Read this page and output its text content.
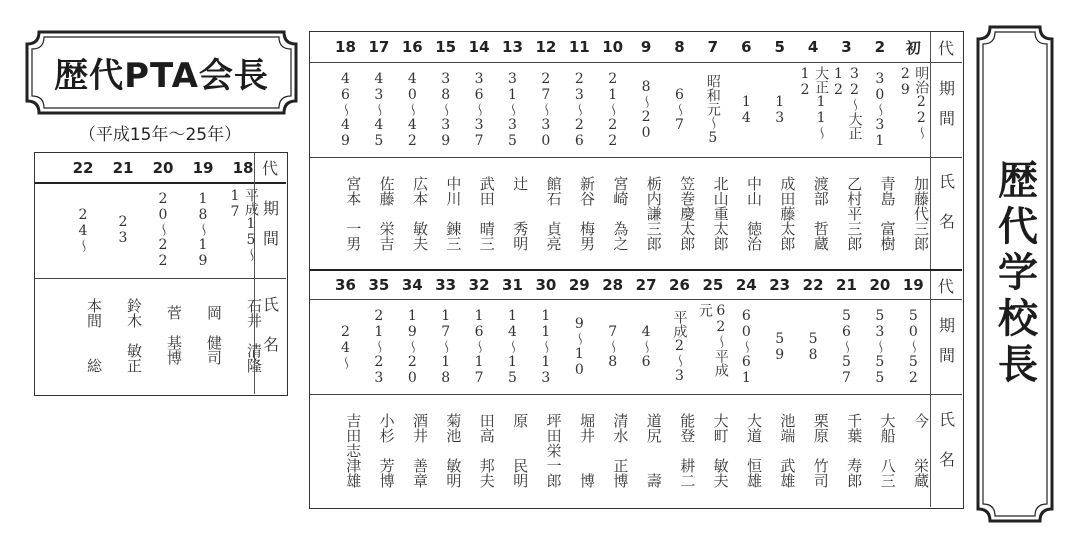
歴代PTA会長
（平成15年〜25年）
代
期間
氏名
18
平成15〜17
石井　清隆
19
18〜19
岡　健司
20
20〜22
菅　基博
21
23
鈴木　敏正
22
24〜
本間　　総
代
期間
氏名
初
明治22〜29
加藤代三郎
2
30〜31
青島　富樹
3
32〜大正12
乙村平三郎
4
大正11〜12
渡部　哲蔵
5
13
成田藤太郎
6
14
中山　徳治
7
昭和元〜5
北山重太郎
8
6〜7
笠巻慶太郎
9
8〜20
栃内謙三郎
10
21〜22
宮崎　為之
11
23〜26
新谷　梅男
12
27〜30
館石　貞亮
13
31〜35
辻　　秀明
14
36〜37
武田　晴三
15
38〜39
中川　錬三
16
40〜42
広本　敏夫
17
43〜45
佐藤　栄吉
18
46〜49
宮本　一男
代
期間
氏名
19
50〜52
今　　栄蔵
20
53〜55
大船　八三
21
56〜57
千葉　寿郎
22
58
栗原　竹司
23
59
池端　武雄
24
60〜61
大道　恒雄
25
62〜平成元
大町　敏夫
26
平成2〜3
能登　耕二
27
4〜6
道尻　　壽
28
7〜8
清水　正博
29
9〜10
堀井　　博
30
11〜13
坪田栄一郎
31
14〜15
原　　民明
32
16〜17
田高　邦夫
33
17〜18
菊池　敏明
34
19〜20
酒井　善章
35
21〜23
小杉　芳博
36
24〜
吉田志津雄
歴代学校長
